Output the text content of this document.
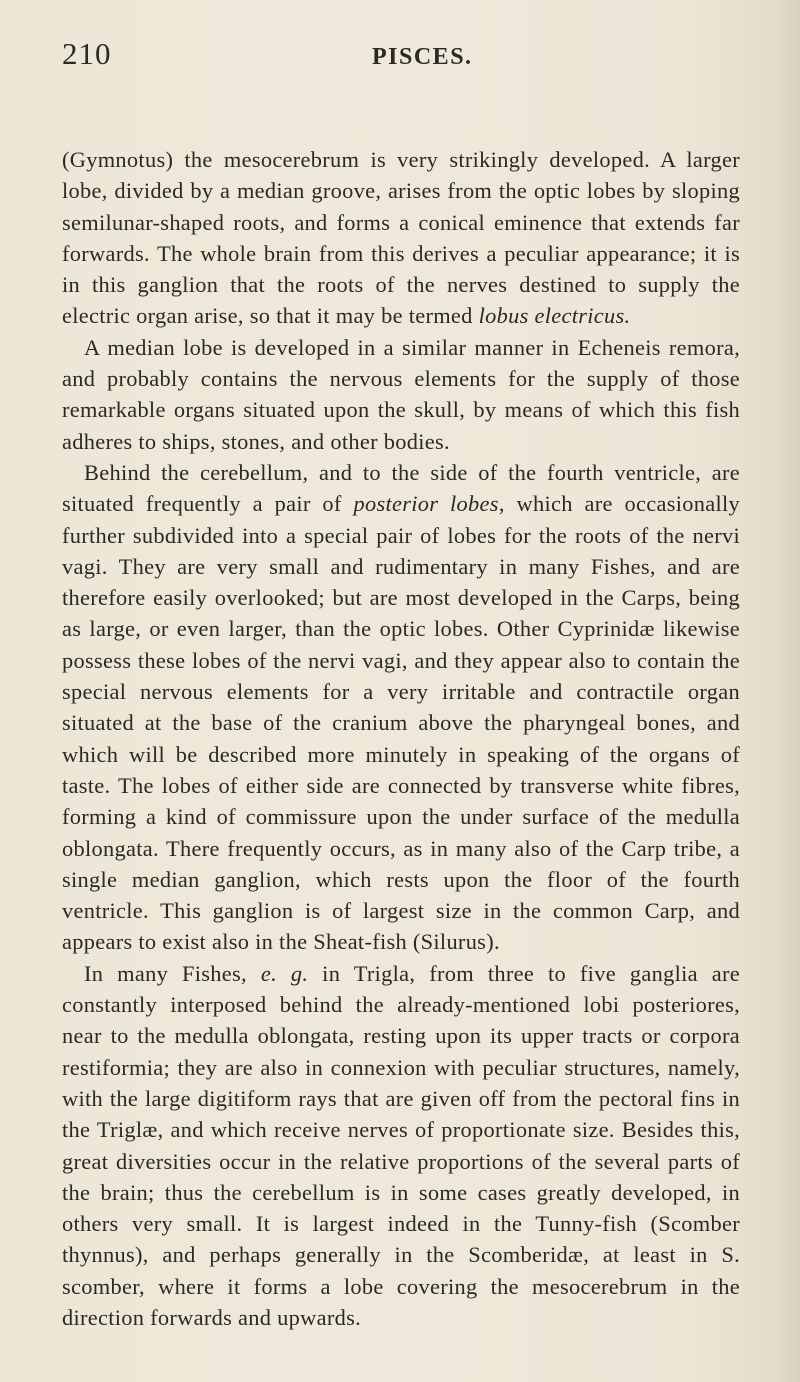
210	PISCES.

(Gymnotus) the mesocerebrum is very strikingly developed. A larger lobe, divided by a median groove, arises from the optic lobes by sloping semilunar-shaped roots, and forms a conical eminence that extends far forwards. The whole brain from this derives a peculiar appearance; it is in this ganglion that the roots of the nerves destined to supply the electric organ arise, so that it may be termed lobus electricus.

A median lobe is developed in a similar manner in Echeneis remora, and probably contains the nervous elements for the supply of those remarkable organs situated upon the skull, by means of which this fish adheres to ships, stones, and other bodies.

Behind the cerebellum, and to the side of the fourth ventricle, are situated frequently a pair of posterior lobes, which are occasionally further subdivided into a special pair of lobes for the roots of the nervi vagi. They are very small and rudimentary in many Fishes, and are therefore easily overlooked; but are most developed in the Carps, being as large, or even larger, than the optic lobes. Other Cyprinidæ likewise possess these lobes of the nervi vagi, and they appear also to contain the special nervous elements for a very irritable and contractile organ situated at the base of the cranium above the pharyngeal bones, and which will be described more minutely in speaking of the organs of taste. The lobes of either side are connected by transverse white fibres, forming a kind of commissure upon the under surface of the medulla oblongata. There frequently occurs, as in many also of the Carp tribe, a single median ganglion, which rests upon the floor of the fourth ventricle. This ganglion is of largest size in the common Carp, and appears to exist also in the Sheat-fish (Silurus).

In many Fishes, e. g. in Trigla, from three to five ganglia are constantly interposed behind the already-mentioned lobi posteriores, near to the medulla oblongata, resting upon its upper tracts or corpora restiformia; they are also in connexion with peculiar structures, namely, with the large digitiform rays that are given off from the pectoral fins in the Triglæ, and which receive nerves of proportionate size. Besides this, great diversities occur in the relative proportions of the several parts of the brain; thus the cerebellum is in some cases greatly developed, in others very small. It is largest indeed in the Tunny-fish (Scomber thynnus), and perhaps generally in the Scomberidæ, at least in S. scomber, where it forms a lobe covering the mesocerebrum in the direction forwards and upwards.
